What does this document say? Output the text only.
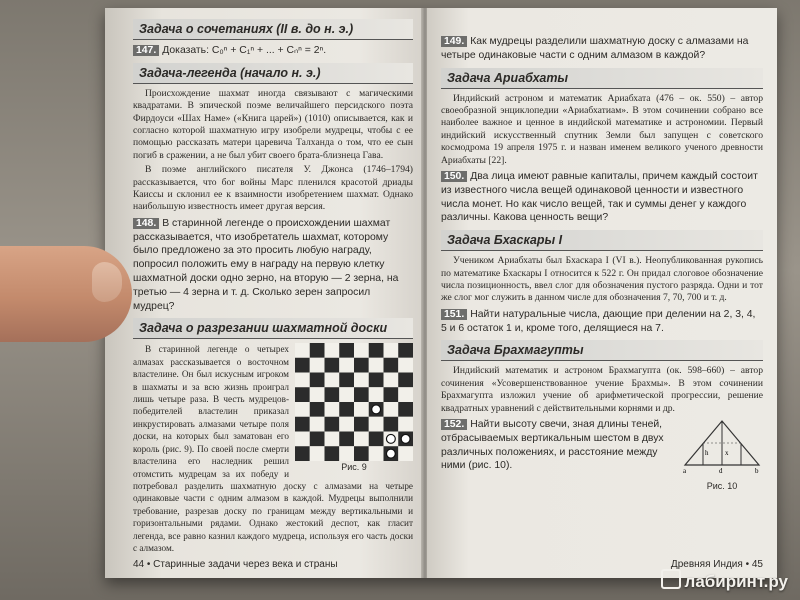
Задача о сочетаниях (II в. до н. э.)
147. Доказать: C₀ⁿ + C₁ⁿ + ... + Cₙⁿ = 2ⁿ.
Задача-легенда (начало н. э.)

Происхождение шахмат иногда связывают с магическими квадратами. В эпической поэме величайшего персидского поэта Фирдоуси «Шах Наме» («Книга царей») (1010) описывается, как и согласно которой шахматную игру изобрели мудрецы, чтобы с ее помощью рассказать матери царевича Талханда о том, что ее сын погиб в сражении, а не был убит своего брата-близнеца Гава.

В поэме английского писателя У. Джонса (1746–1794) рассказывается, что бог войны Марс пленился красотой дриады Каиссы и склонил ее к взаимности изобретением шахмат. Однако наибольшую известность имеет другая версия.

148. В старинной легенде о происхождении шахмат рассказывается, что изобретатель шахмат, которому было предложено за это просить любую награду, попросил положить ему в награду на первую клетку шахматной доски одно зерно, на вторую — 2 зерна, на третью — 4 зерна и т. д. Сколько зерен запросил мудрец?
Задача о разрезании шахматной доски
Рис. 9

В старинной легенде о четырех алмазах рассказывается о восточном властелине. Он был искусным игроком в шахматы и за всю жизнь проиграл лишь четыре раза. В честь мудрецов-победителей властелин приказал инкрустировать алмазами четыре поля доски, на которых был заматован его король (рис. 9). По своей после смерти властелина его наследник решил отомстить мудрецам за их победу и потребовал разделить шахматную доску с алмазами на четыре одинаковые части с одним алмазом в каждой. Мудрецы выполнили требование, разрезав доску по границам между вертикальными и горизонтальными рядами. Однако жестокий деспот, как гласит легенда, все равно казнил каждого мудреца, используя его часть доски с алмазом.

44 • Старинные задачи через века и страны
149. Как мудрецы разделили шахматную доску с алмазами на четыре одинаковые части с одним алмазом в каждой?
Задача Ариабхаты

Индийский астроном и математик Ариабхата (476 – ок. 550) – автор своеобразной энциклопедии «Ариабхатиам». В этом сочинении собрано все наиболее важное и ценное в индийской математике и астрономии. Первый индийский искусственный спутник Земли был запущен с советского космодрома 19 апреля 1975 г. и назван именем великого ученого древности Ариабхаты [22].

150. Два лица имеют равные капиталы, причем каждый состоит из известного числа вещей одинаковой ценности и известного числа монет. Но как число вещей, так и суммы денег у каждого различны. Какова ценность вещи?
Задача Бхаскары I

Учеником Ариабхаты был Бхаскара I (VI в.). Неопубликованная рукопись по математике Бхаскары I относится к 522 г. Он придал слоговое обозначение числа позиционность, ввел слог для обозначения пустого разряда. Одни и тот же слог мог служить в данном числе для обозначения 7, 70, 700 и т. д.

151. Найти натуральные числа, дающие при делении на 2, 3, 4, 5 и 6 остаток 1 и, кроме того, делящиеся на 7.
Задача Брахмагупты

Индийский математик и астроном Брахмагупта (ок. 598–660) – автор сочинения «Усовершенствованное учение Брахмы». В этом сочинении Брахмагупта изложил учение об арифметической прогрессии, решение квадратных уравнений с действительными корнями и др.

a	b
d
h x
Рис. 10
152. Найти высоту свечи, зная длины теней, отбрасываемых вертикальным шестом в двух различных положениях, и расстояние между ними (рис. 10).
Древняя Индия • 45
лабиринт.ру
